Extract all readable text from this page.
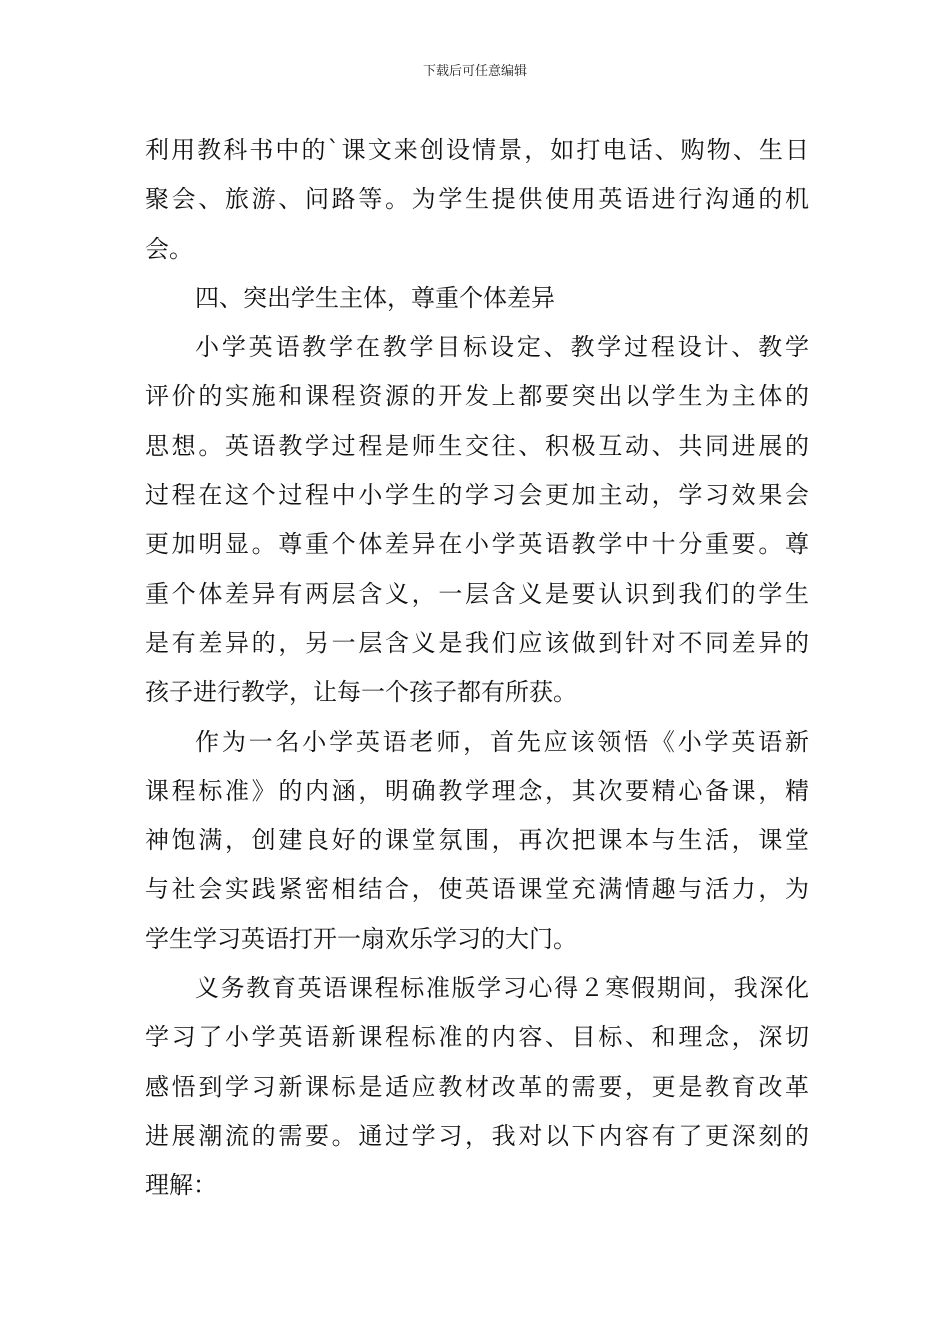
下载后可任意编辑
利用教科书中的`课文来创设情景，如打电话、购物、生日
聚会、旅游、问路等。为学生提供使用英语进行沟通的机
会。
四、突出学生主体，尊重个体差异
小学英语教学在教学目标设定、教学过程设计、教学
评价的实施和课程资源的开发上都要突出以学生为主体的
思想。英语教学过程是师生交往、积极互动、共同进展的
过程在这个过程中小学生的学习会更加主动，学习效果会
更加明显。尊重个体差异在小学英语教学中十分重要。尊
重个体差异有两层含义，一层含义是要认识到我们的学生
是有差异的，另一层含义是我们应该做到针对不同差异的
孩子进行教学，让每一个孩子都有所获。
作为一名小学英语老师，首先应该领悟《小学英语新
课程标准》的内涵，明确教学理念，其次要精心备课，精
神饱满，创建良好的课堂氛围，再次把课本与生活，课堂
与社会实践紧密相结合，使英语课堂充满情趣与活力，为
学生学习英语打开一扇欢乐学习的大门。
义务教育英语课程标准版学习心得２寒假期间，我深化
学习了小学英语新课程标准的内容、目标、和理念，深切
感悟到学习新课标是适应教材改革的需要，更是教育改革
进展潮流的需要。通过学习，我对以下内容有了更深刻的
理解：
